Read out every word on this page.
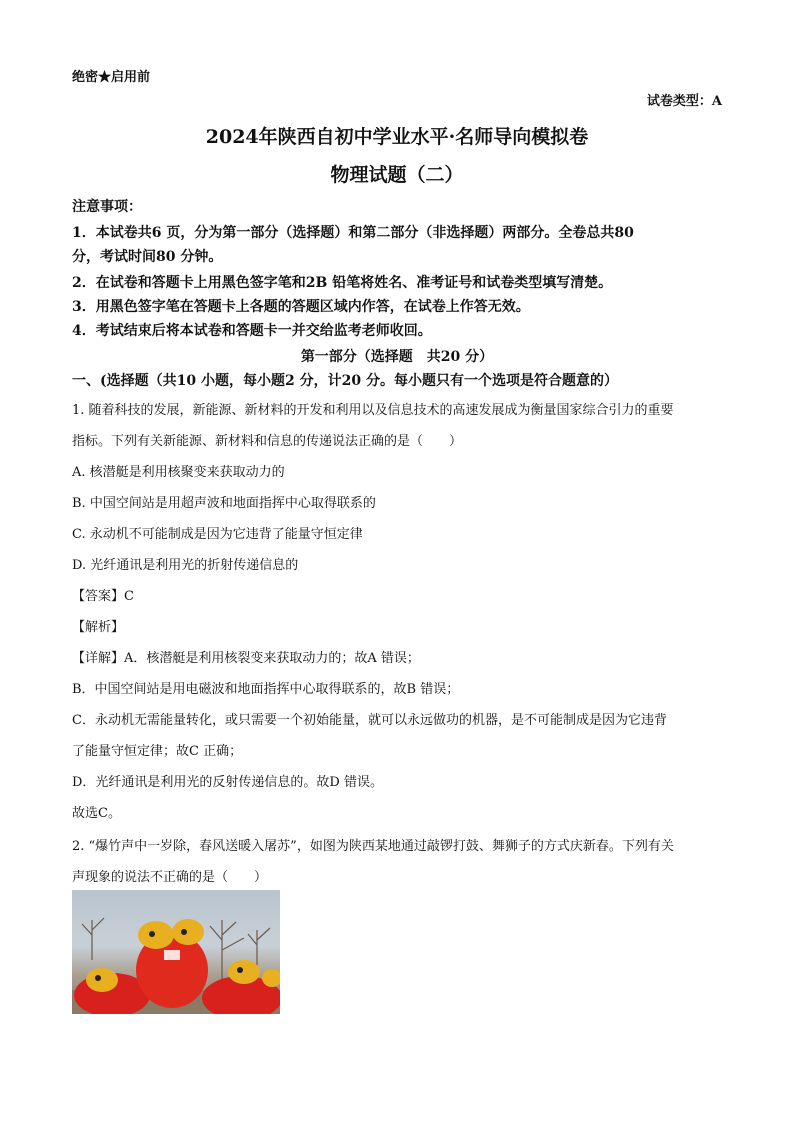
绝密★启用前
试卷类型：A
2024年陕西自初中学业水平·名师导向模拟卷
物理试题（二）
注意事项：
1．本试卷共6 页，分为第一部分（选择题）和第二部分（非选择题）两部分。全卷总共80
分，考试时间80 分钟。
2．在试卷和答题卡上用黑色签字笔和2B 铅笔将姓名、准考证号和试卷类型填写清楚。
3．用黑色签字笔在答题卡上各题的答题区域内作答，在试卷上作答无效。
4．考试结束后将本试卷和答题卡一并交给监考老师收回。
第一部分（选择题　共20 分）
一、(选择题（共10 小题，每小题2 分，计20 分。每小题只有一个选项是符合题意的）
1. 随着科技的发展，新能源、新材料的开发和利用以及信息技术的高速发展成为衡量国家综合引力的重要
指标。下列有关新能源、新材料和信息的传递说法正确的是（　　）
A. 核潜艇是利用核聚变来获取动力的
B. 中国空间站是用超声波和地面指挥中心取得联系的
C. 永动机不可能制成是因为它违背了能量守恒定律
D. 光纤通讯是利用光的折射传递信息的
【答案】C
【解析】
【详解】A．核潜艇是利用核裂变来获取动力的；故A 错误；
B．中国空间站是用电磁波和地面指挥中心取得联系的，故B 错误；
C．永动机无需能量转化，或只需要一个初始能量，就可以永远做功的机器，是不可能制成是因为它违背
了能量守恒定律；故C 正确；
D．光纤通讯是利用光的反射传递信息的。故D 错误。
故选C。
2. “爆竹声中一岁除，春风送暖入屠苏”，如图为陕西某地通过敲锣打鼓、舞狮子的方式庆新春。下列有关
声现象的说法不正确的是（　　）
